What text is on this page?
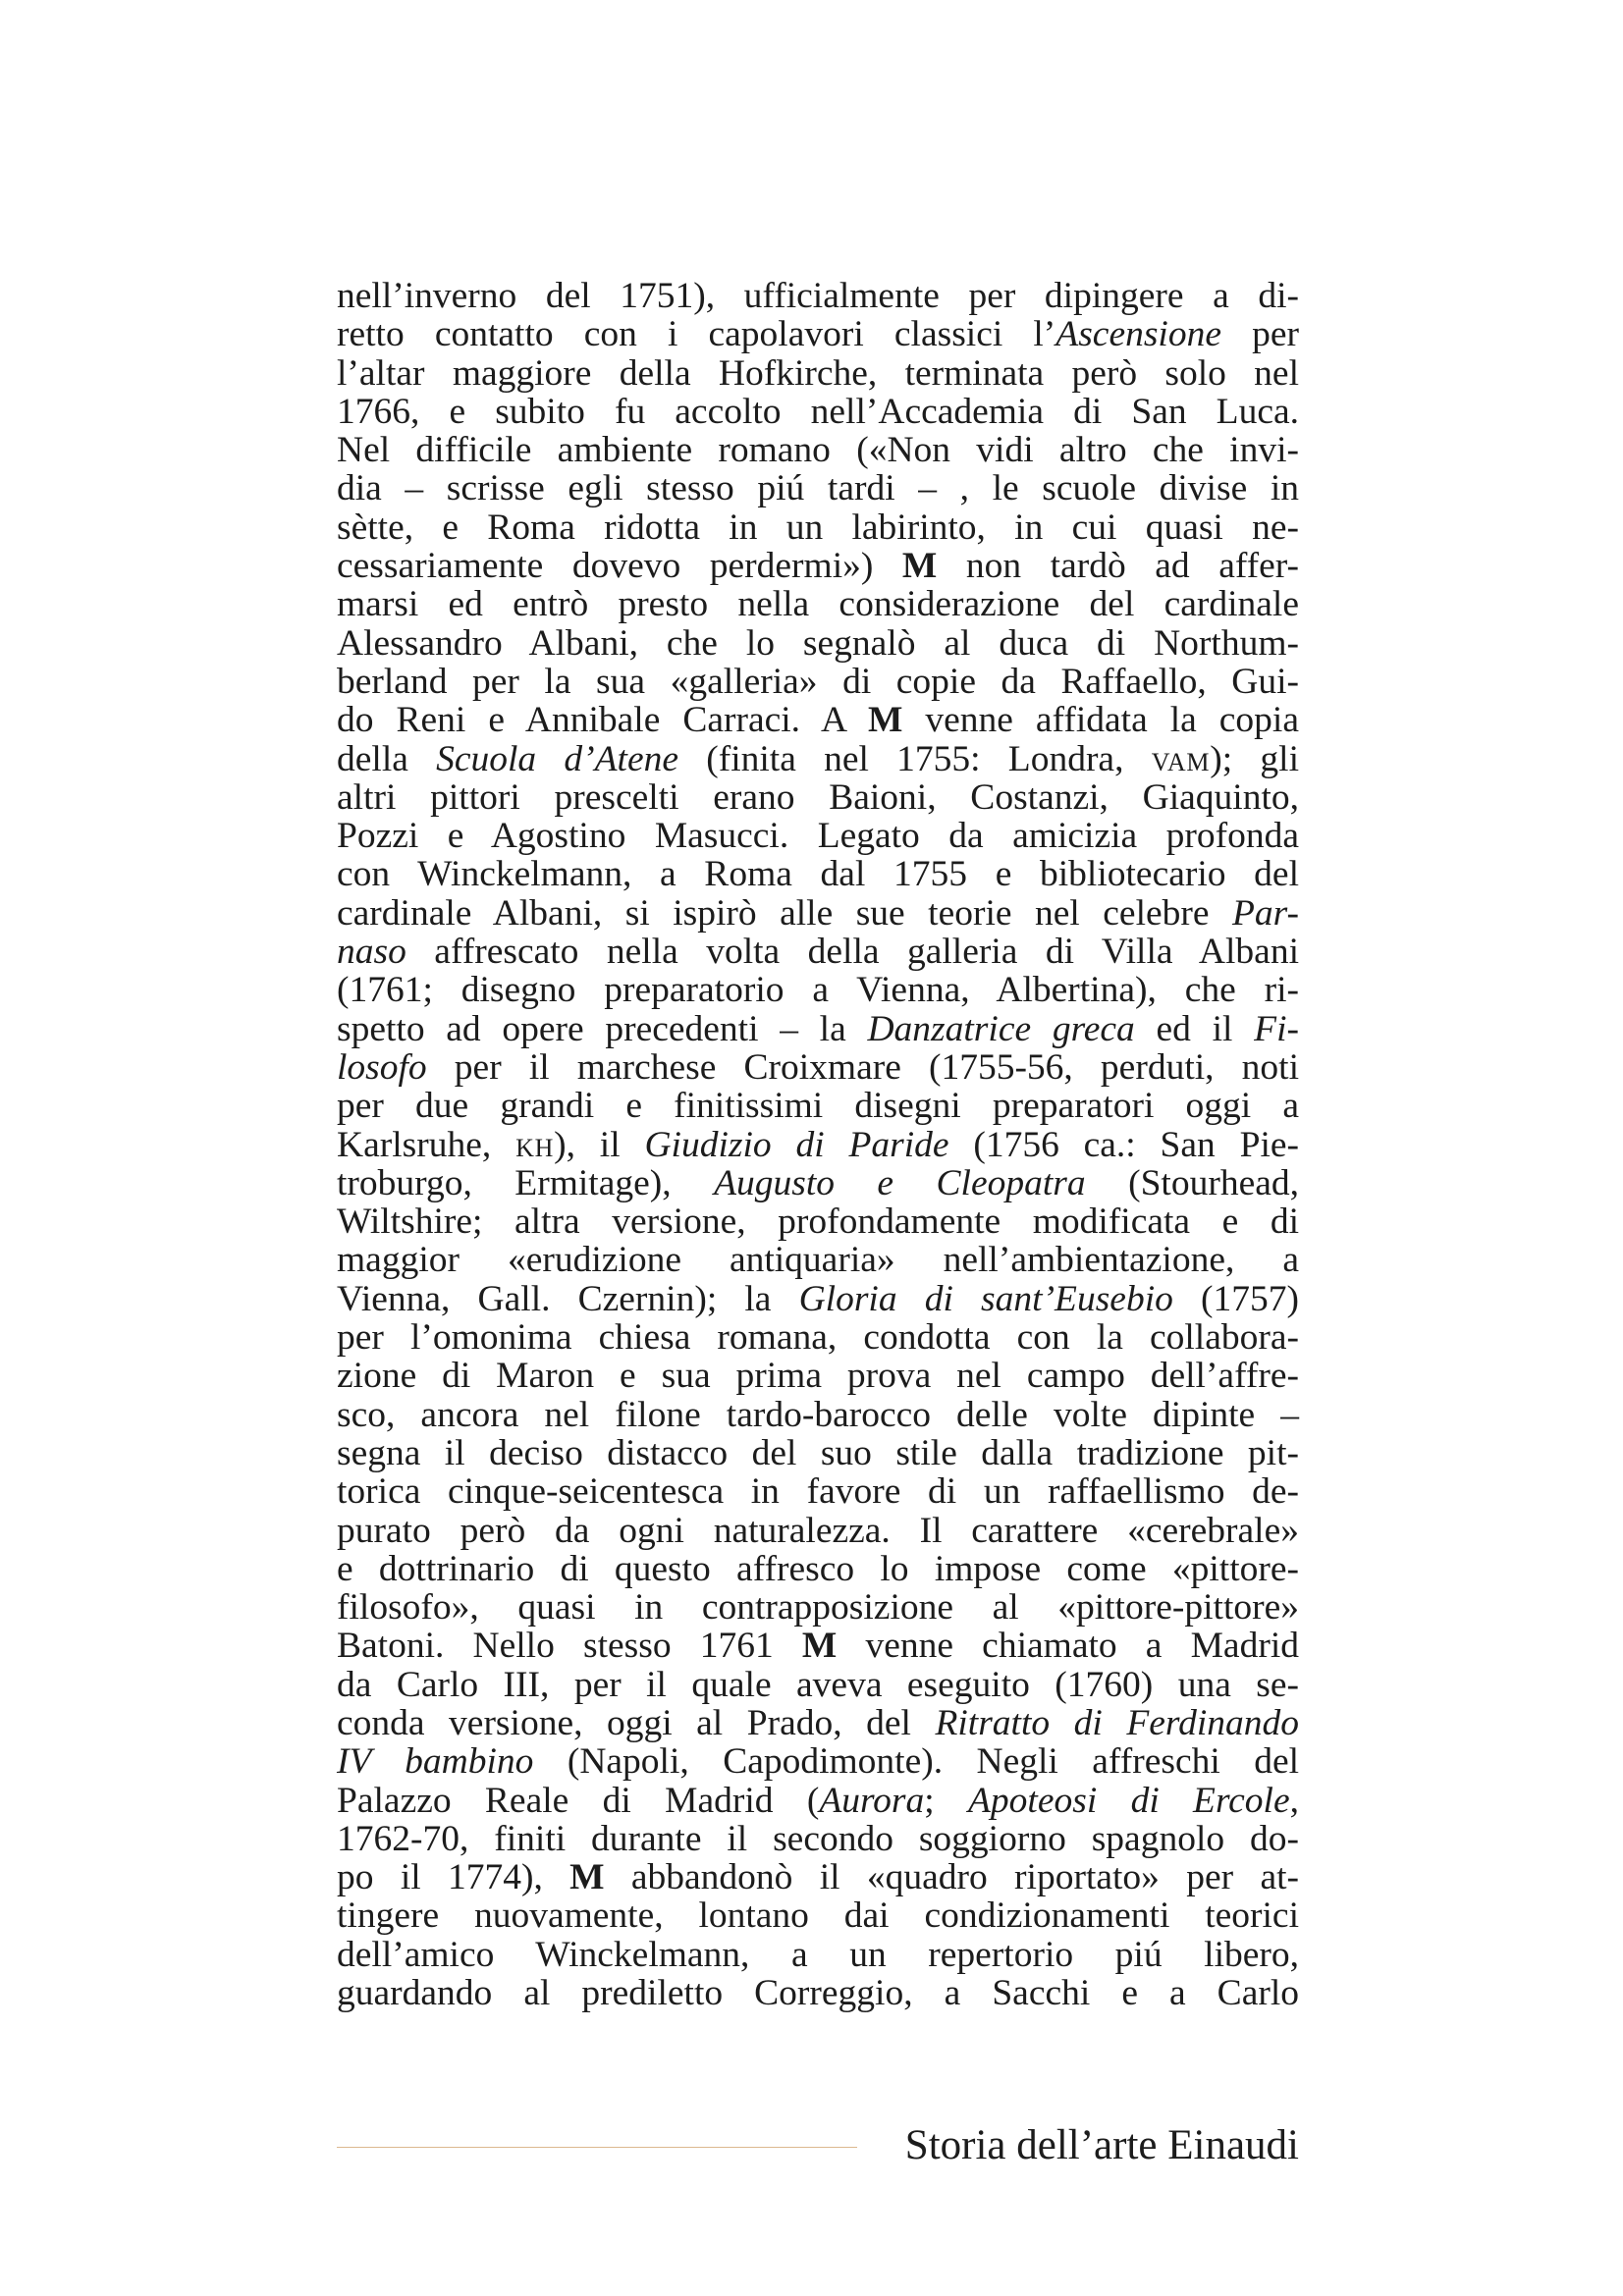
nell’inverno del 1751), ufficialmente per dipingere a di-
retto contatto con i capolavori classici l’Ascensione per
l’altar maggiore della Hofkirche, terminata però solo nel
1766, e subito fu accolto nell’Accademia di San Luca.
Nel difficile ambiente romano («Non vidi altro che invi-
dia – scrisse egli stesso piú tardi – , le scuole divise in
sètte, e Roma ridotta in un labirinto, in cui quasi ne-
cessariamente dovevo perdermi») M non tardò ad affer-
marsi ed entrò presto nella considerazione del cardinale
Alessandro Albani, che lo segnalò al duca di Northum-
berland per la sua «galleria» di copie da Raffaello, Gui-
do Reni e Annibale Carraci. A M venne affidata la copia
della Scuola d’Atene (finita nel 1755: Londra, vam); gli
altri pittori prescelti erano Baioni, Costanzi, Giaquinto,
Pozzi e Agostino Masucci. Legato da amicizia profonda
con Winckelmann, a Roma dal 1755 e bibliotecario del
cardinale Albani, si ispirò alle sue teorie nel celebre Par-
naso affrescato nella volta della galleria di Villa Albani
(1761; disegno preparatorio a Vienna, Albertina), che ri-
spetto ad opere precedenti – la Danzatrice greca ed il Fi-
losofo per il marchese Croixmare (1755-56, perduti, noti
per due grandi e finitissimi disegni preparatori oggi a
Karlsruhe, kh), il Giudizio di Paride (1756 ca.: San Pie-
troburgo, Ermitage), Augusto e Cleopatra (Stourhead,
Wiltshire; altra versione, profondamente modificata e di
maggior «erudizione antiquaria» nell’ambientazione, a
Vienna, Gall. Czernin); la Gloria di sant’Eusebio (1757)
per l’omonima chiesa romana, condotta con la collabora-
zione di Maron e sua prima prova nel campo dell’affre-
sco, ancora nel filone tardo-barocco delle volte dipinte –
segna il deciso distacco del suo stile dalla tradizione pit-
torica cinque-seicentesca in favore di un raffaellismo de-
purato però da ogni naturalezza. Il carattere «cerebrale»
e dottrinario di questo affresco lo impose come «pittore-
filosofo», quasi in contrapposizione al «pittore-pittore»
Batoni. Nello stesso 1761 M venne chiamato a Madrid
da Carlo III, per il quale aveva eseguito (1760) una se-
conda versione, oggi al Prado, del Ritratto di Ferdinando
IV bambino (Napoli, Capodimonte). Negli affreschi del
Palazzo Reale di Madrid (Aurora; Apoteosi di Ercole,
1762-70, finiti durante il secondo soggiorno spagnolo do-
po il 1774), M abbandonò il «quadro riportato» per at-
tingere nuovamente, lontano dai condizionamenti teorici
dell’amico Winckelmann, a un repertorio piú libero,
guardando al prediletto Correggio, a Sacchi e a Carlo
Storia dell’arte Einaudi
